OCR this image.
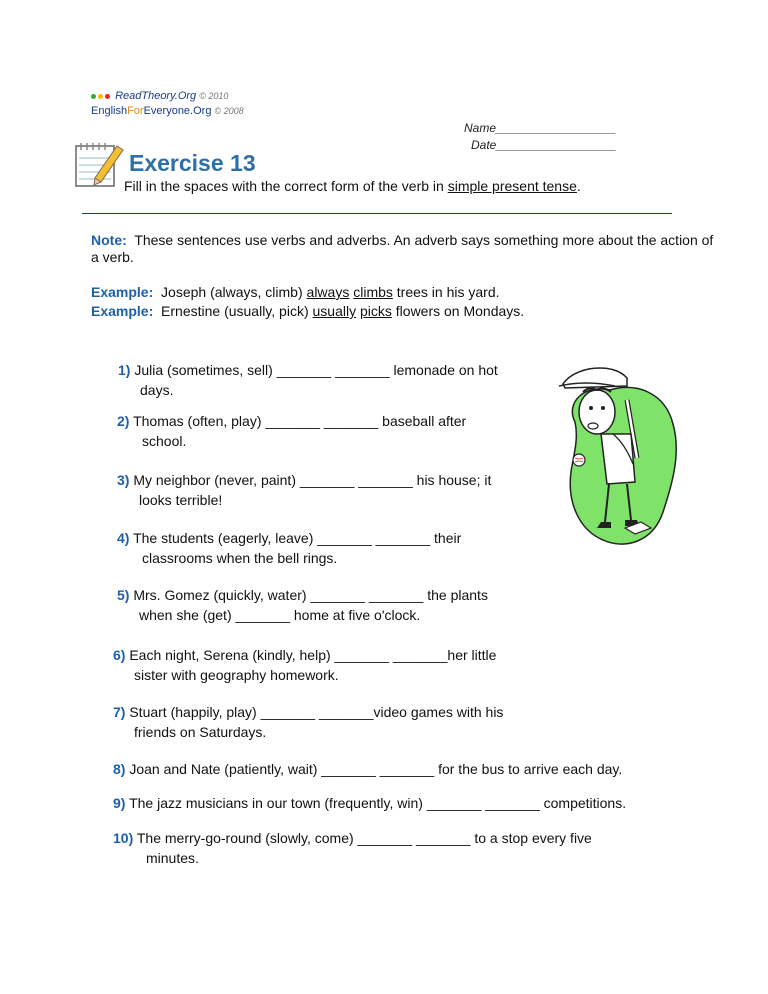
ReadTheory.Org © 2010
EnglishForEveryone.Org © 2008
Name__________________
Date__________________
Exercise 13
Fill in the spaces with the correct form of the verb in simple present tense.
Note: These sentences use verbs and adverbs. An adverb says something more about the action of a verb.
Example: Joseph (always, climb) always climbs trees in his yard.
Example: Ernestine (usually, pick) usually picks flowers on Mondays.
1) Julia (sometimes, sell) _______ _______ lemonade on hot
days.
2) Thomas (often, play) _______ _______ baseball after
school.
3) My neighbor (never, paint) _______ _______ his house; it
looks terrible!
4) The students (eagerly, leave) _______ _______ their
classrooms when the bell rings.
5) Mrs. Gomez (quickly, water) _______ _______ the plants
when she (get) _______ home at five o'clock.
6) Each night, Serena (kindly, help) _______ _______her little
sister with geography homework.
7) Stuart (happily, play) _______ _______video games with his
friends on Saturdays.
8) Joan and Nate (patiently, wait) _______ _______ for the bus to arrive each day.
9) The jazz musicians in our town (frequently, win) _______ _______ competitions.
10) The merry-go-round (slowly, come) _______ _______ to a stop every five
minutes.
